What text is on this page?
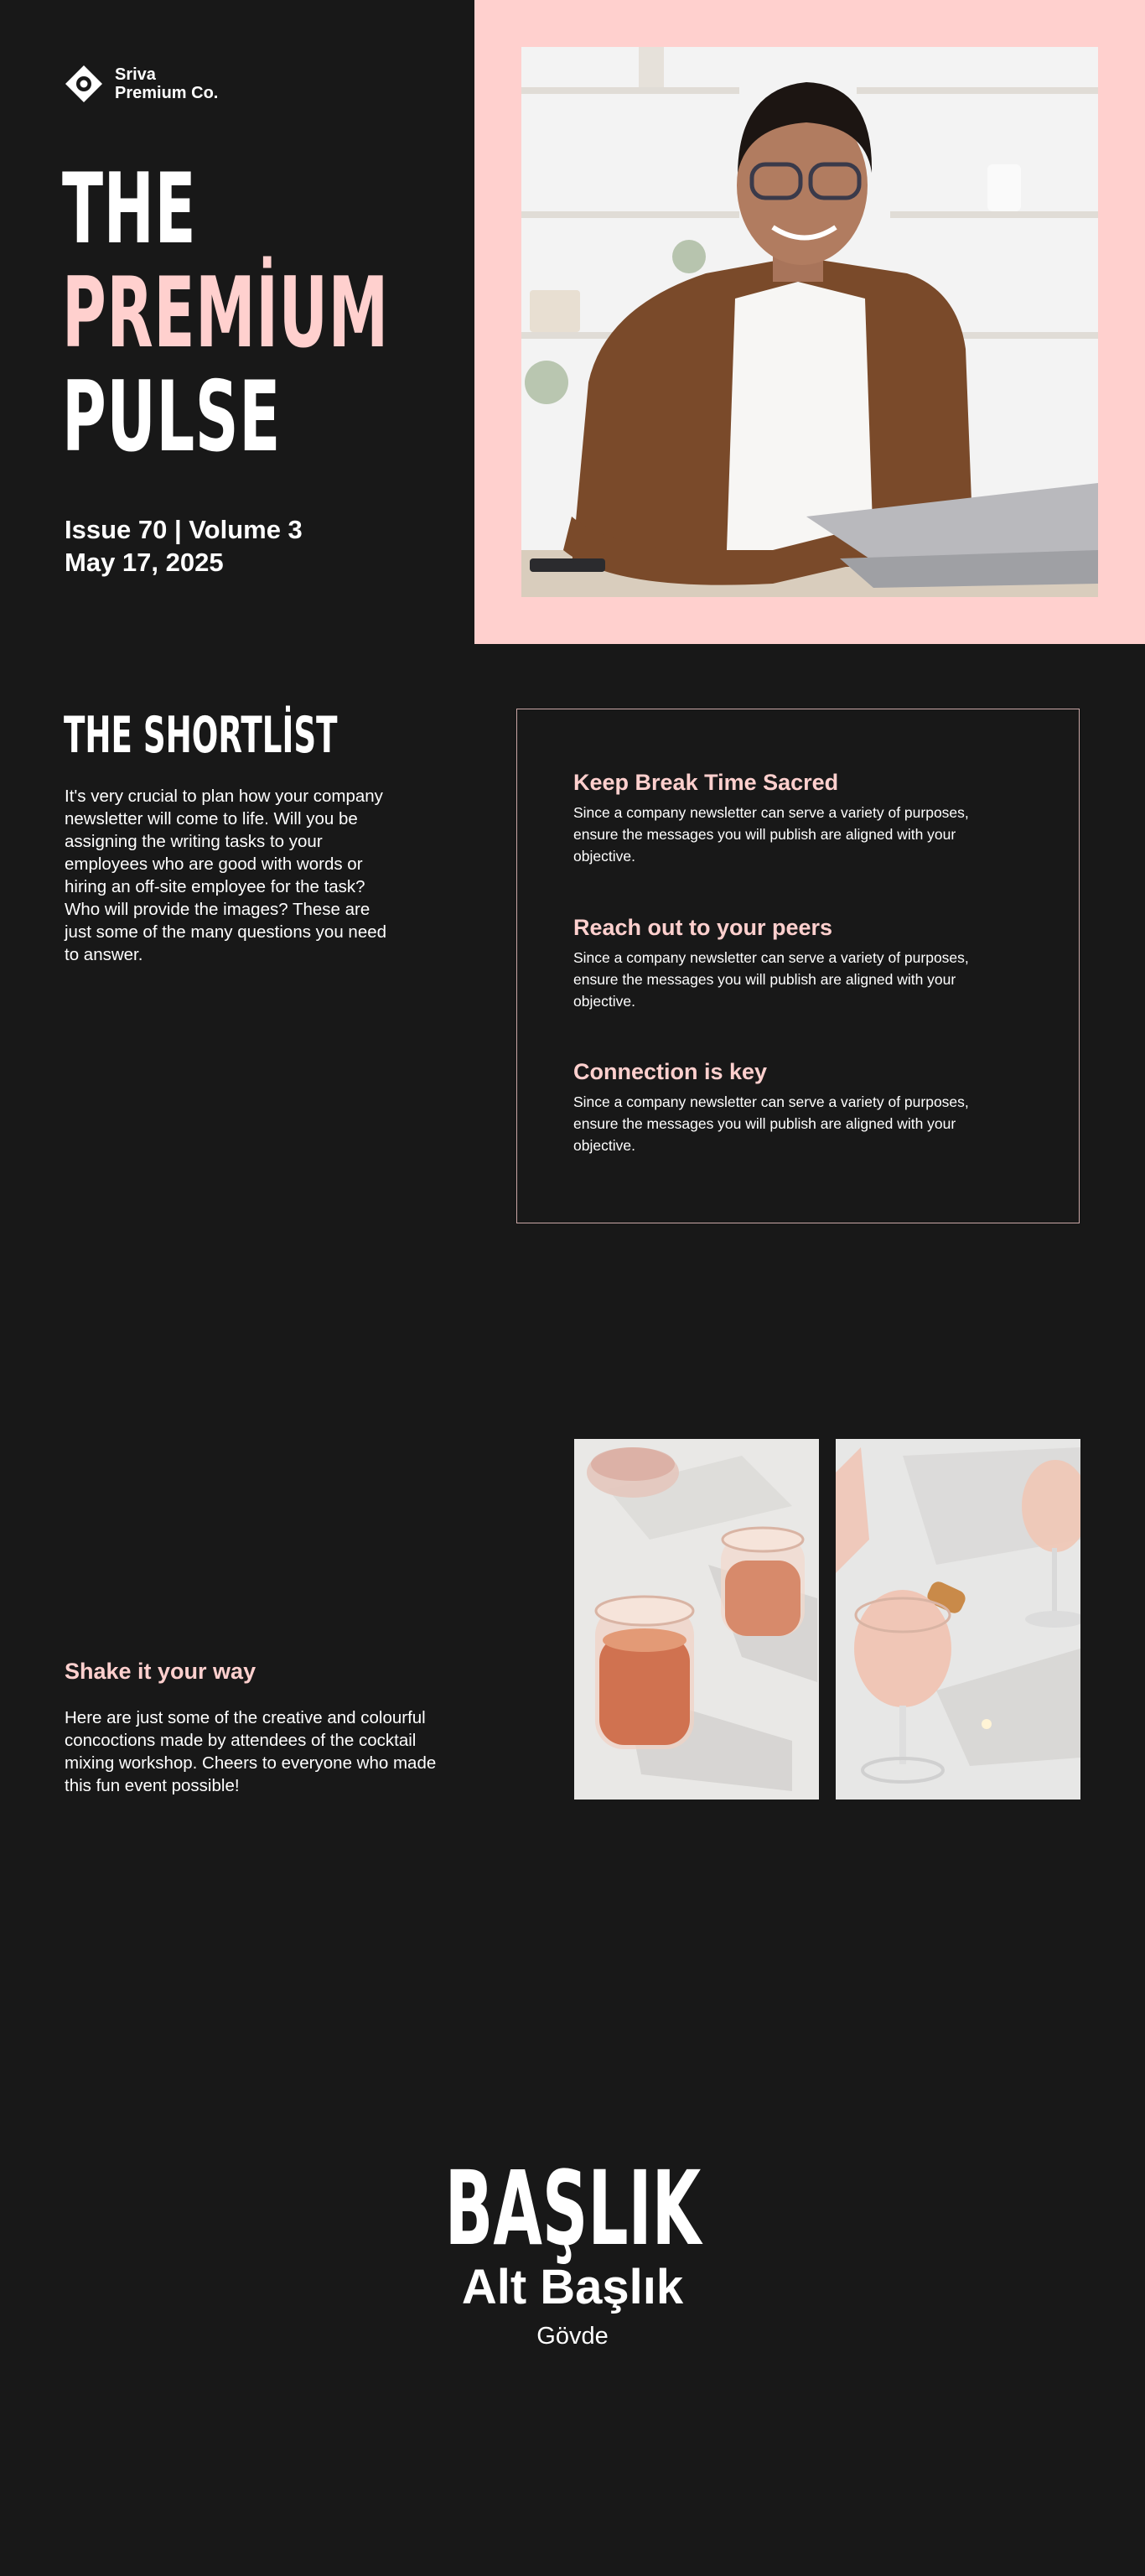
Sriva
Premium Co.
THE
PREMİUM
PULSE
Issue 70 | Volume 3
May 17, 2025
THE SHORTLİST
It's very crucial to plan how your company newsletter will come to life. Will you be assigning the writing tasks to your employees who are good with words or hiring an off-site employee for the task? Who will provide the images? These are just some of the many questions you need to answer.

Keep Break Time Sacred

Since a company newsletter can serve a variety of purposes, ensure the messages you will publish are aligned with your objective.

Reach out to your peers

Since a company newsletter can serve a variety of purposes, ensure the messages you will publish are aligned with your objective.

Connection is key

Since a company newsletter can serve a variety of purposes, ensure the messages you will publish are aligned with your objective.

Shake it your way
Here are just some of the creative and colourful concoctions made by attendees of the cocktail mixing workshop. Cheers to everyone who made this fun event possible!
BAŞLIK
Alt Başlık
Gövde
